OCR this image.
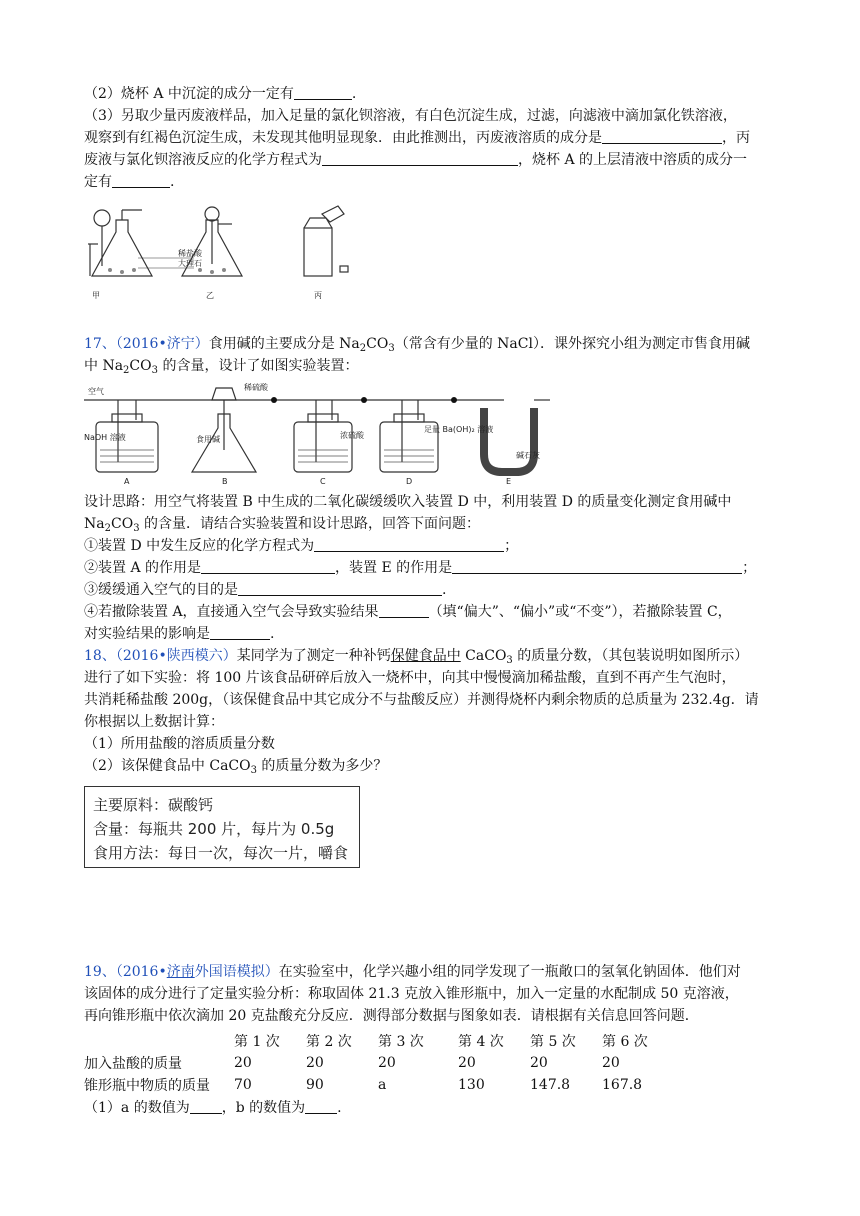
（2）烧杯 A 中沉淀的成分一定有	.
（3）另取少量丙废液样品，加入足量的氯化钡溶液，有白色沉淀生成，过滤，向滤液中滴加氯化铁溶液，
观察到有红褐色沉淀生成，未发现其他明显现象．由此推测出，丙废液溶质的成分是	，丙
废液与氯化钡溶液反应的化学方程式为	，烧杯 A 的上层清液中溶质的成分一
定有	.
稀盐酸
大理石
甲	乙	丙
17、（2016•济宁）食用碱的主要成分是 $Na_2CO_3$（常含有少量的 NaCl）．课外探究小组为测定市售食用碱
中 $Na_2CO_3$ 的含量，设计了如图实验装置：
空气	稀硫酸
NaOH 溶液	食用碱	浓硫酸
足量 Ba(OH)₂ 溶液
碱石灰
A	B	C	D	E
设计思路：用空气将装置 B 中生成的二氧化碳缓缓吹入装置 D 中，利用装置 D 的质量变化测定食用碱中
$Na_2CO_3$ 的含量．请结合实验装置和设计思路，回答下面问题：
①装置 D 中发生反应的化学方程式为	；
②装置 A 的作用是	，装置 E 的作用是	；
③缓缓通入空气的目的是	.
④若撤除装置 A，直接通入空气会导致实验结果	（填“偏大”、“偏小”或“不变”），若撤除装置 C，
对实验结果的影响是	.
18、（2016•陕西模六）某同学为了测定一种补钙保健食品中 CaCO$_3$ 的质量分数，（其包装说明如图所示）
进行了如下实验：将 100 片该食品研碎后放入一烧杯中，向其中慢慢滴加稀盐酸，直到不再产生气泡时，
共消耗稀盐酸 200g，（该保健食品中其它成分不与盐酸反应）并测得烧杯内剩余物质的总质量为 232.4g．请
你根据以上数据计算：
（1）所用盐酸的溶质质量分数
（2）该保健食品中 CaCO$_3$ 的质量分数为多少？
主要原料：碳酸钙
含量：每瓶共 200 片，每片为 0.5g
食用方法：每日一次，每次一片，嚼食
19、（2016•济南外国语模拟）在实验室中，化学兴趣小组的同学发现了一瓶敞口的氢氧化钠固体．他们对
该固体的成分进行了定量实验分析：称取固体 21.3 克放入锥形瓶中，加入一定量的水配制成 50 克溶液，
再向锥形瓶中依次滴加 20 克盐酸充分反应．测得部分数据与图象如表．请根据有关信息回答问题．
	第 1 次	第 2 次	第 3 次	第 4 次	第 5 次	第 6 次
加入盐酸的质量	20	20	20	20	20	20
锥形瓶中物质的质量	70	90	a	130	147.8	167.8
（1）a 的数值为 ，b 的数值为 .
